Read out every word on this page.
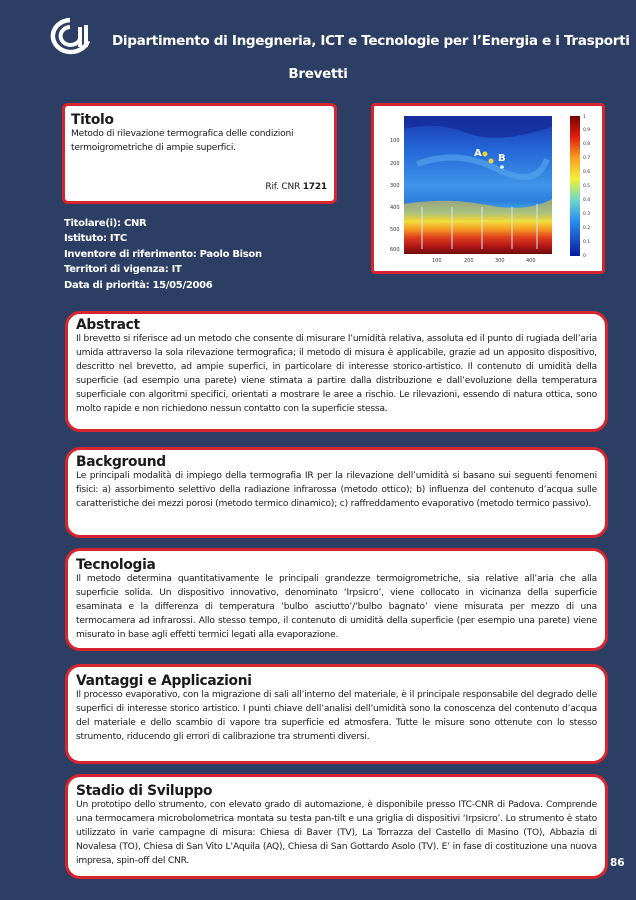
Dipartimento di Ingegneria, ICT e Tecnologie per l’Energia e i Trasporti
Brevetti
Titolo

Metodo di rilevazione termografica delle condizioni termoigrometriche di ampie superfici.

Rif. CNR 1721
Titolare(i): CNR
Istituto: ITC
Inventore di riferimento: Paolo Bison
Territori di vigenza: IT
Data di priorità: 15/05/2006
A B
100
200
300
400
500
600
100	200	300	400
1
0.9
0.8
0.7
0.6
0.5
0.4
0.3
0.2
0.1
0
Abstract

Il brevetto si riferisce ad un metodo che consente di misurare l’umidità relativa, assoluta ed il punto di rugiada dell’aria umida attraverso la sola rilevazione termografica; il metodo di misura è applicabile, grazie ad un apposito dispositivo, descritto nel brevetto, ad ampie superfici, in particolare di interesse storico-artistico. Il contenuto di umidità della superficie (ad esempio una parete) viene stimata a partire dalla distribuzione e dall’evoluzione della temperatura superficiale con algoritmi specifici, orientati a mostrare le aree a rischio. Le rilevazioni, essendo di natura ottica, sono molto rapide e non richiedono nessun contatto con la superficie stessa.

Background

Le principali modalità di impiego della termografia IR per la rilevazione dell’umidità si basano sui seguenti fenomeni fisici: a) assorbimento selettivo della radiazione infrarossa (metodo ottico); b) influenza del contenuto d’acqua sulle caratteristiche dei mezzi porosi (metodo termico dinamico); c) raffreddamento evaporativo (metodo termico passivo).

Tecnologia

Il metodo determina quantitativamente le principali grandezze termoigrometriche, sia relative all’aria che alla superficie solida. Un dispositivo innovativo, denominato ‘Irpsicro’, viene collocato in vicinanza della superficie esaminata e la differenza di temperatura ‘bulbo asciutto’/‘bulbo bagnato’ viene misurata per mezzo di una termocamera ad infrarossi. Allo stesso tempo, il contenuto di umidità della superficie (per esempio una parete) viene misurato in base agli effetti termici legati alla evaporazione.

Vantaggi e Applicazioni

Il processo evaporativo, con la migrazione di sali all’interno del materiale, è il principale responsabile del degrado delle superfici di interesse storico artistico. I punti chiave dell’analisi dell’umidità sono la conoscenza del contenuto d’acqua del materiale e dello scambio di vapore tra superficie ed atmosfera. Tutte le misure sono ottenute con lo stesso strumento, riducendo gli errori di calibrazione tra strumenti diversi.

Stadio di Sviluppo

Un prototipo dello strumento, con elevato grado di automazione, è disponibile presso ITC-CNR di Padova. Comprende una termocamera microbolometrica montata su testa pan-tilt e una griglia di dispositivi ‘Irpsicro’. Lo strumento è stato utilizzato in varie campagne di misura: Chiesa di Baver (TV), La Torrazza del Castello di Masino (TO), Abbazia di Novalesa (TO), Chiesa di San Vito L’Aquila (AQ), Chiesa di San Gottardo Asolo (TV). E’ in fase di costituzione una nuova impresa, spin-off del CNR.	86
